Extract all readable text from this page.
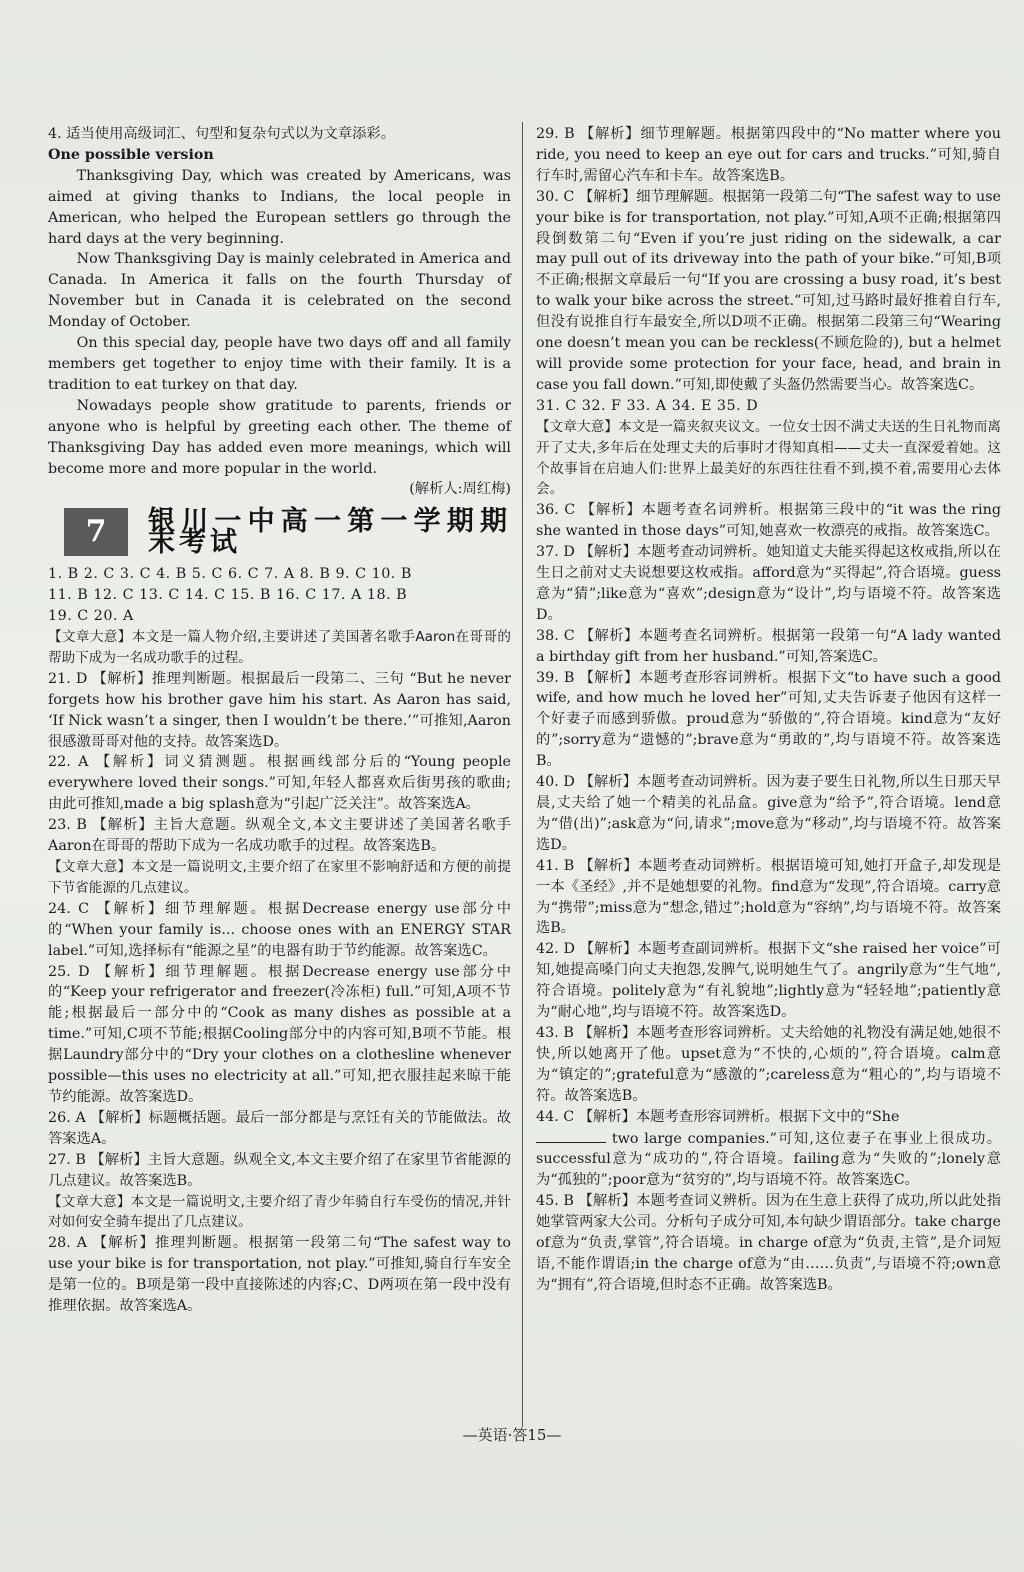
4. 适当使用高级词汇、句型和复杂句式以为文章添彩。

One possible version

Thanksgiving Day, which was created by Americans, was aimed at giving thanks to Indians, the local people in American, who helped the European settlers go through the hard days at the very beginning.

Now Thanksgiving Day is mainly celebrated in America and Canada. In America it falls on the fourth Thursday of November but in Canada it is celebrated on the second Monday of October.

On this special day, people have two days off and all family members get together to enjoy time with their family. It is a tradition to eat turkey on that day.

Nowadays people show gratitude to parents, friends or anyone who is helpful by greeting each other. The theme of Thanksgiving Day has added even more meanings, which will become more and more popular in the world.

(解析人:周红梅)

7	银川一中高一第一学期期末考试

1. B 2. C 3. C 4. B 5. C 6. C 7. A 8. B 9. C 10. B

11. B 12. C 13. C 14. C 15. B 16. C 17. A 18. B

19. C 20. A

【文章大意】本文是一篇人物介绍,主要讲述了美国著名歌手Aaron在哥哥的帮助下成为一名成功歌手的过程。

21. D 【解析】推理判断题。根据最后一段第二、三句 “But he never forgets how his brother gave him his start. As Aaron has said, ‘If Nick wasn’t a singer, then I wouldn’t be there.’”可推知,Aaron很感激哥哥对他的支持。故答案选D。

22. A 【解析】词义猜测题。根据画线部分后的“Young people everywhere loved their songs.”可知,年轻人都喜欢后街男孩的歌曲;由此可推知,made a big splash意为“引起广泛关注”。故答案选A。

23. B 【解析】主旨大意题。纵观全文,本文主要讲述了美国著名歌手Aaron在哥哥的帮助下成为一名成功歌手的过程。故答案选B。

【文章大意】本文是一篇说明文,主要介绍了在家里不影响舒适和方便的前提下节省能源的几点建议。

24. C 【解析】细节理解题。根据Decrease energy use部分中的“When your family is... choose ones with an ENERGY STAR label.”可知,选择标有“能源之星”的电器有助于节约能源。故答案选C。

25. D 【解析】细节理解题。根据Decrease energy use部分中的“Keep your refrigerator and freezer(冷冻柜) full.”可知,A项不节能;根据最后一部分中的“Cook as many dishes as possible at a time.”可知,C项不节能;根据Cooling部分中的内容可知,B项不节能。根据Laundry部分中的“Dry your clothes on a clothesline whenever possible—this uses no electricity at all.”可知,把衣服挂起来晾干能节约能源。故答案选D。

26. A 【解析】标题概括题。最后一部分都是与烹饪有关的节能做法。故答案选A。

27. B 【解析】主旨大意题。纵观全文,本文主要介绍了在家里节省能源的几点建议。故答案选B。

【文章大意】本文是一篇说明文,主要介绍了青少年骑自行车受伤的情况,并针对如何安全骑车提出了几点建议。

28. A 【解析】推理判断题。根据第一段第二句“The safest way to use your bike is for transportation, not play.”可推知,骑自行车安全是第一位的。B项是第一段中直接陈述的内容;C、D两项在第一段中没有推理依据。故答案选A。

29. B 【解析】细节理解题。根据第四段中的“No matter where you ride, you need to keep an eye out for cars and trucks.”可知,骑自行车时,需留心汽车和卡车。故答案选B。

30. C 【解析】细节理解题。根据第一段第二句“The safest way to use your bike is for transportation, not play.”可知,A项不正确;根据第四段倒数第二句“Even if you’re just riding on the sidewalk, a car may pull out of its driveway into the path of your bike.”可知,B项不正确;根据文章最后一句“If you are crossing a busy road, it’s best to walk your bike across the street.”可知,过马路时最好推着自行车,但没有说推自行车最安全,所以D项不正确。根据第二段第三句“Wearing one doesn’t mean you can be reckless(不顾危险的), but a helmet will provide some protection for your face, head, and brain in case you fall down.”可知,即使戴了头盔仍然需要当心。故答案选C。

31. C 32. F 33. A 34. E 35. D

【文章大意】本文是一篇夹叙夹议文。一位女士因不满丈夫送的生日礼物而离开了丈夫,多年后在处理丈夫的后事时才得知真相——丈夫一直深爱着她。这个故事旨在启迪人们:世界上最美好的东西往往看不到,摸不着,需要用心去体会。

36. C 【解析】本题考查名词辨析。根据第三段中的“it was the ring she wanted in those days”可知,她喜欢一枚漂亮的戒指。故答案选C。

37. D 【解析】本题考查动词辨析。她知道丈夫能买得起这枚戒指,所以在生日之前对丈夫说想要这枚戒指。afford意为“买得起”,符合语境。guess意为“猜”;like意为“喜欢”;design意为“设计”,均与语境不符。故答案选D。

38. C 【解析】本题考查名词辨析。根据第一段第一句“A lady wanted a birthday gift from her husband.”可知,答案选C。

39. B 【解析】本题考查形容词辨析。根据下文“to have such a good wife, and how much he loved her”可知,丈夫告诉妻子他因有这样一个好妻子而感到骄傲。proud意为“骄傲的”,符合语境。kind意为“友好的”;sorry意为“遗憾的”;brave意为“勇敢的”,均与语境不符。故答案选B。

40. D 【解析】本题考查动词辨析。因为妻子要生日礼物,所以生日那天早晨,丈夫给了她一个精美的礼品盒。give意为“给予”,符合语境。lend意为“借(出)”;ask意为“问,请求”;move意为“移动”,均与语境不符。故答案选D。

41. B 【解析】本题考查动词辨析。根据语境可知,她打开盒子,却发现是一本《圣经》,并不是她想要的礼物。find意为“发现”,符合语境。carry意为“携带”;miss意为“想念,错过”;hold意为“容纳”,均与语境不符。故答案选B。

42. D 【解析】本题考查副词辨析。根据下文“she raised her voice”可知,她提高嗓门向丈夫抱怨,发脾气,说明她生气了。angrily意为“生气地”,符合语境。politely意为“有礼貌地”;lightly意为“轻轻地”;patiently意为“耐心地”,均与语境不符。故答案选D。

43. B 【解析】本题考查形容词辨析。丈夫给她的礼物没有满足她,她很不快,所以她离开了他。upset意为“不快的,心烦的”,符合语境。calm意为“镇定的”;grateful意为“感激的”;careless意为“粗心的”,均与语境不符。故答案选B。

44. C 【解析】本题考查形容词辨析。根据下文中的“She
two large companies.”可知,这位妻子在事业上很成功。successful意为“成功的”,符合语境。failing意为“失败的”;lonely意为“孤独的”;poor意为“贫穷的”,均与语境不符。故答案选C。

45. B 【解析】本题考查词义辨析。因为在生意上获得了成功,所以此处指她掌管两家大公司。分析句子成分可知,本句缺少谓语部分。take charge of意为“负责,掌管”,符合语境。in charge of意为“负责,主管”,是介词短语,不能作谓语;in the charge of意为“由……负责”,与语境不符;own意为“拥有”,符合语境,但时态不正确。故答案选B。

—英语·答15—
